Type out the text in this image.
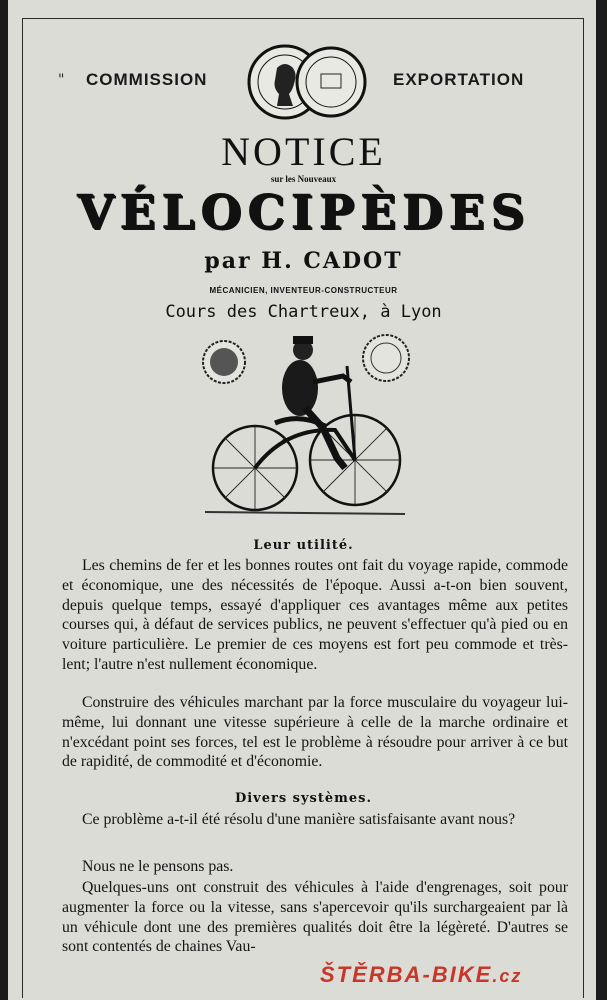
" COMMISSION	EXPORTATION
NOTICE
sur les Nouveaux
VÉLOCIPÈDES
par H. CADOT
MÉCANICIEN, INVENTEUR-CONSTRUCTEUR
Cours des Chartreux, à Lyon
Leur utilité.

Les chemins de fer et les bonnes routes ont fait du voyage rapide, commode et économique, une des nécessités de l'époque. Aussi a-t-on bien souvent, depuis quelque temps, essayé d'appliquer ces avantages même aux petites courses qui, à défaut de services publics, ne peuvent s'effectuer qu'à pied ou en voiture particulière. Le premier de ces moyens est fort peu commode et très-lent; l'autre n'est nullement économique.

Construire des véhicules marchant par la force musculaire du voyageur lui-même, lui donnant une vitesse supérieure à celle de la marche ordinaire et n'excédant point ses forces, tel est le problème à résoudre pour arriver à ce but de rapidité, de commodité et d'économie.

Divers systèmes.

Ce problème a-t-il été résolu d'une manière satisfaisante avant nous?

Nous ne le pensons pas.

Quelques-uns ont construit des véhicules à l'aide d'engrenages, soit pour augmenter la force ou la vitesse, sans s'apercevoir qu'ils surchargeaient par là un véhicule dont une des premières qualités doit être la légèreté. D'autres se sont contentés de chaines Vau-

ŠTĚRBA-BIKE.cz
